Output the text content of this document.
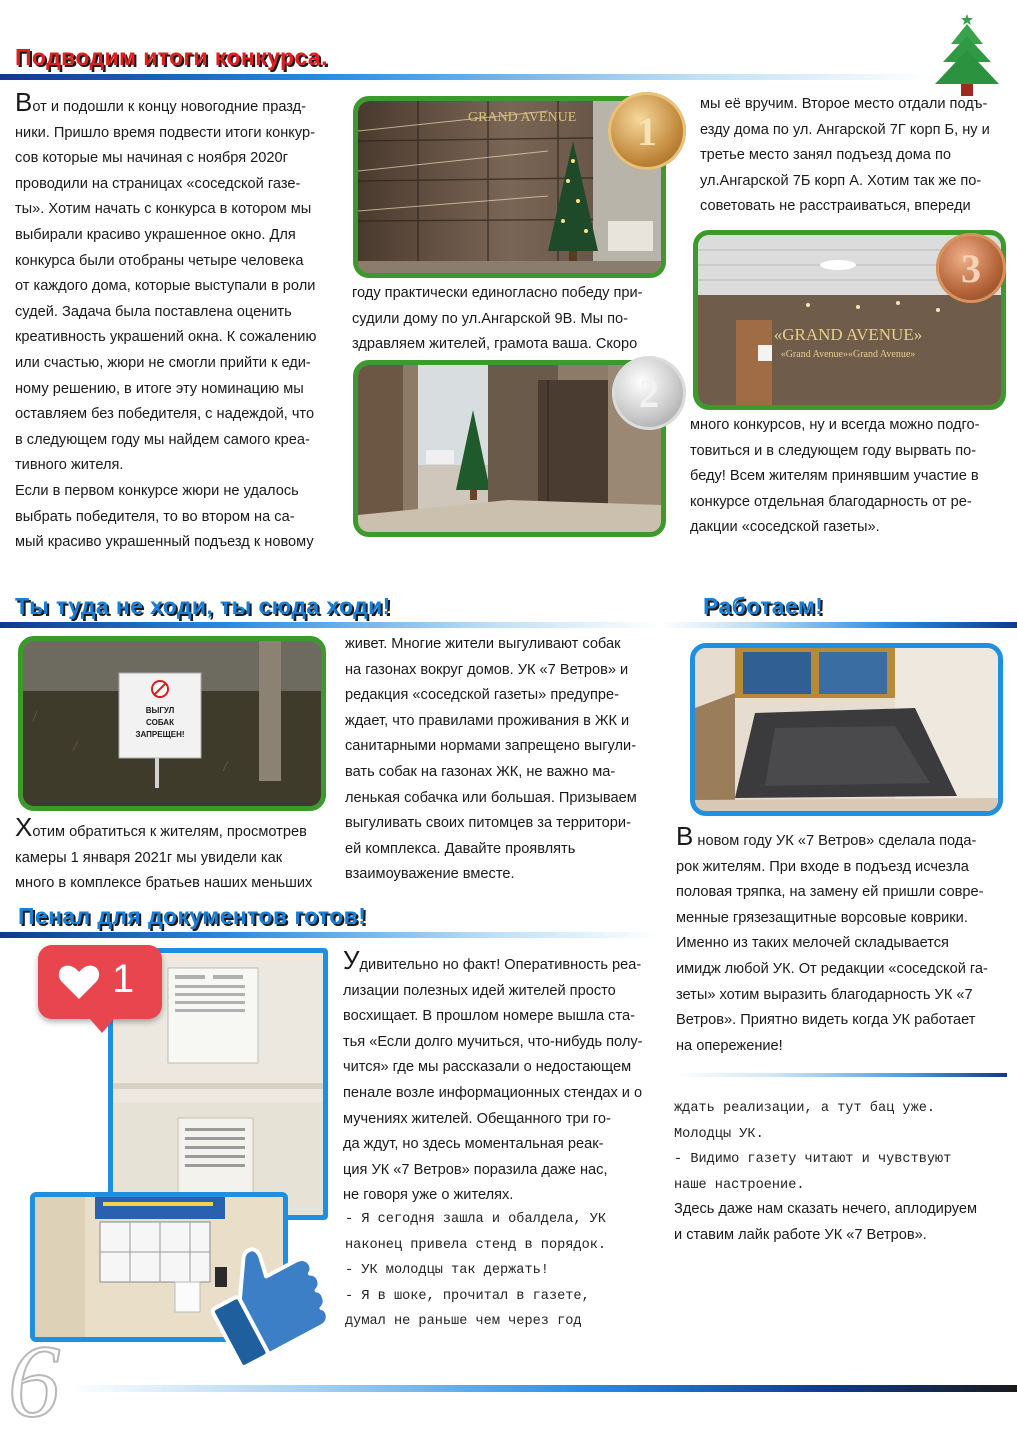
Подводим итоги конкурса.

Вот и подошли к концу новогодние празд-

ники. Пришло время подвести итоги конкур-

сов которые мы начиная с ноября 2020г

проводили на страницах «соседской газе-

ты». Хотим начать с конкурса в котором мы

выбирали красиво украшенное окно. Для

конкурса были отобраны четыре человека

от каждого дома, которые выступали в роли

судей. Задача была поставлена оценить

креативность украшений окна. К сожалению

или счастью, жюри не смогли прийти к еди-

ному решению, в итоге эту номинацию мы

оставляем без победителя, с надеждой, что

в следующем году мы найдем самого креа-

тивного жителя.

Если в первом конкурсе жюри не удалось

выбрать победителя, то во втором на са-

мый красиво украшенный подъезд к новому

GRAND AVENUE 1

году практически единогласно победу при-

судили дому по ул.Ангарской 9В. Мы по-

здравляем жителей, грамота ваша. Скоро

2

мы её вручим. Второе место отдали подъ-

езду дома по ул. Ангарской 7Г корп Б, ну и

третье место занял подъезд дома по

ул.Ангарской 7Б корп А. Хотим так же по-

советовать не расстраиваться, впереди

«GRAND AVENUE»
«Grand Avenue»«Grand Avenue»
3

много конкурсов, ну и всегда можно подго-

товиться и в следующем году вырвать по-

беду! Всем жителям принявшим участие в

конкурсе отдельная благодарность от ре-

дакции «соседской газеты».

Ты туда не ходи, ты сюда ходи!	Работаем!
ВЫГУЛ
СОБАК
ЗАПРЕЩЕН!

Хотим обратиться к жителям, просмотрев

камеры 1 января 2021г мы увидели как

много в комплексе братьев наших меньших

живет. Многие жители выгуливают собак

на газонах вокруг домов. УК «7 Ветров» и

редакция «соседской газеты» предупре-

ждает, что правилами проживания в ЖК и

санитарными нормами запрещено выгули-

вать собак на газонах ЖК, не важно ма-

ленькая собачка или большая. Призываем

выгуливать своих питомцев за территори-

ей комплекса. Давайте проявлять

взаимоуважение вместе.

В новом году УК «7 Ветров» сделала пода-

рок жителям. При входе в подъезд исчезла

половая тряпка, на замену ей пришли совре-

менные грязезащитные ворсовые коврики.

Именно из таких мелочей складывается

имидж любой УК. От редакции «соседской га-

зеты» хотим выразить благодарность УК «7

Ветров». Приятно видеть когда УК работает

на опережение!

Пенал для документов готов!
1	Удивительно но факт! Оперативность реа-

лизации полезных идей жителей просто

восхищает. В прошлом номере вышла ста-

тья «Если долго мучиться, что-нибудь полу-

чится» где мы рассказали о недостающем

пенале возле информационных стендах и о

мучениях жителей. Обещанного три го-

да ждут, но здесь моментальная реак-

ция УК «7 Ветров» поразила даже нас,

не говоря уже о жителях.

- Я сегодня зашла и обалдела, УК

наконец привела стенд в порядок.

- УК молодцы так держать!

- Я в шоке, прочитал в газете,

думал не раньше чем через год

ждать реализации, а тут бац уже.

Молодцы УК.

- Видимо газету читают и чувствуют

наше настроение.

Здесь даже нам сказать нечего, аплодируем

и ставим лайк работе УК «7 Ветров».

6
